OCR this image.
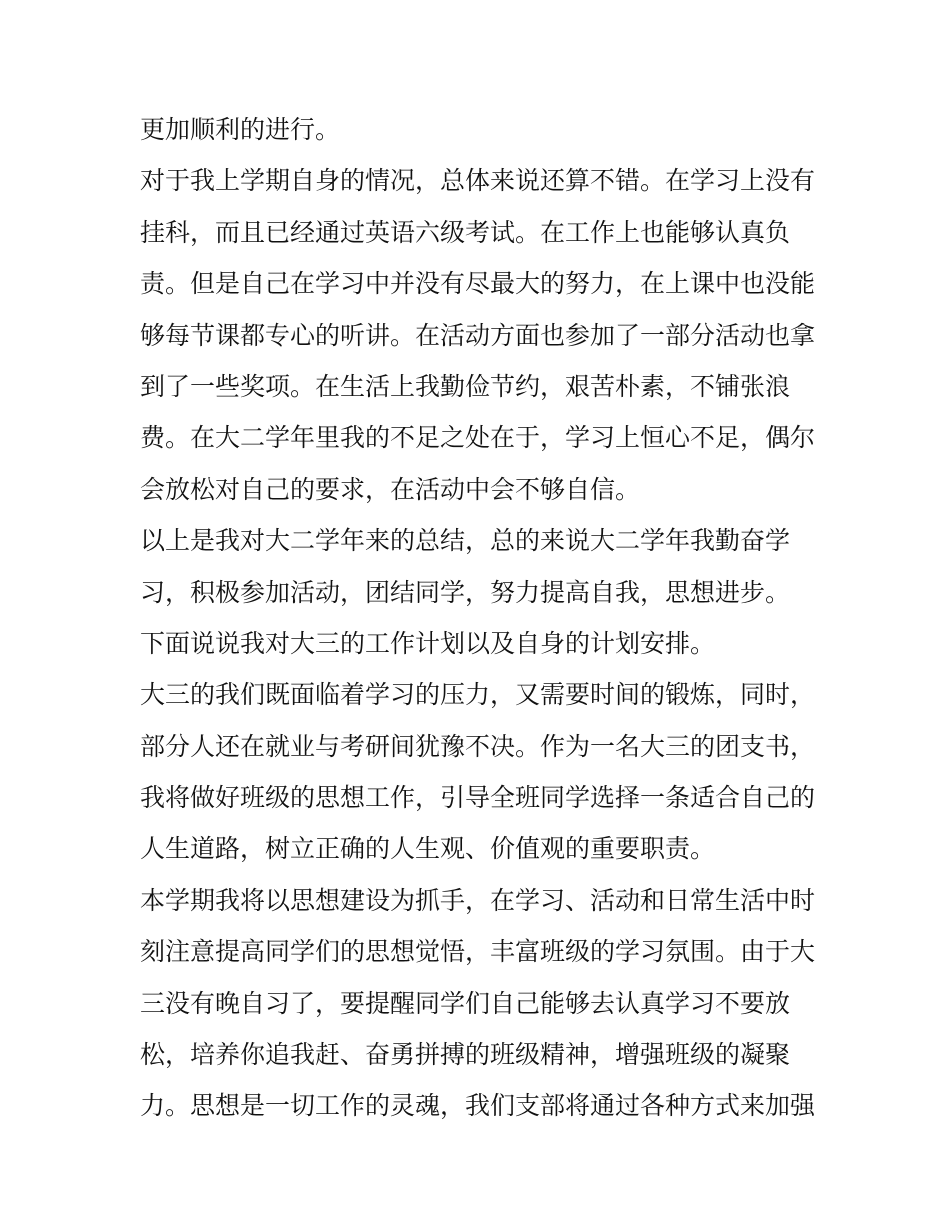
更加顺利的进行。
对于我上学期自身的情况，总体来说还算不错。在学习上没有
挂科，而且已经通过英语六级考试。在工作上也能够认真负
责。但是自己在学习中并没有尽最大的努力，在上课中也没能
够每节课都专心的听讲。在活动方面也参加了一部分活动也拿
到了一些奖项。在生活上我勤俭节约，艰苦朴素，不铺张浪
费。在大二学年里我的不足之处在于，学习上恒心不足，偶尔
会放松对自己的要求，在活动中会不够自信。
以上是我对大二学年来的总结，总的来说大二学年我勤奋学
习，积极参加活动，团结同学，努力提高自我，思想进步。
下面说说我对大三的工作计划以及自身的计划安排。
大三的我们既面临着学习的压力，又需要时间的锻炼，同时，
部分人还在就业与考研间犹豫不决。作为一名大三的团支书，
我将做好班级的思想工作，引导全班同学选择一条适合自己的
人生道路，树立正确的人生观、价值观的重要职责。
本学期我将以思想建设为抓手，在学习、活动和日常生活中时
刻注意提高同学们的思想觉悟，丰富班级的学习氛围。由于大
三没有晚自习了，要提醒同学们自己能够去认真学习不要放
松，培养你追我赶、奋勇拼搏的班级精神，增强班级的凝聚
力。思想是一切工作的灵魂，我们支部将通过各种方式来加强
